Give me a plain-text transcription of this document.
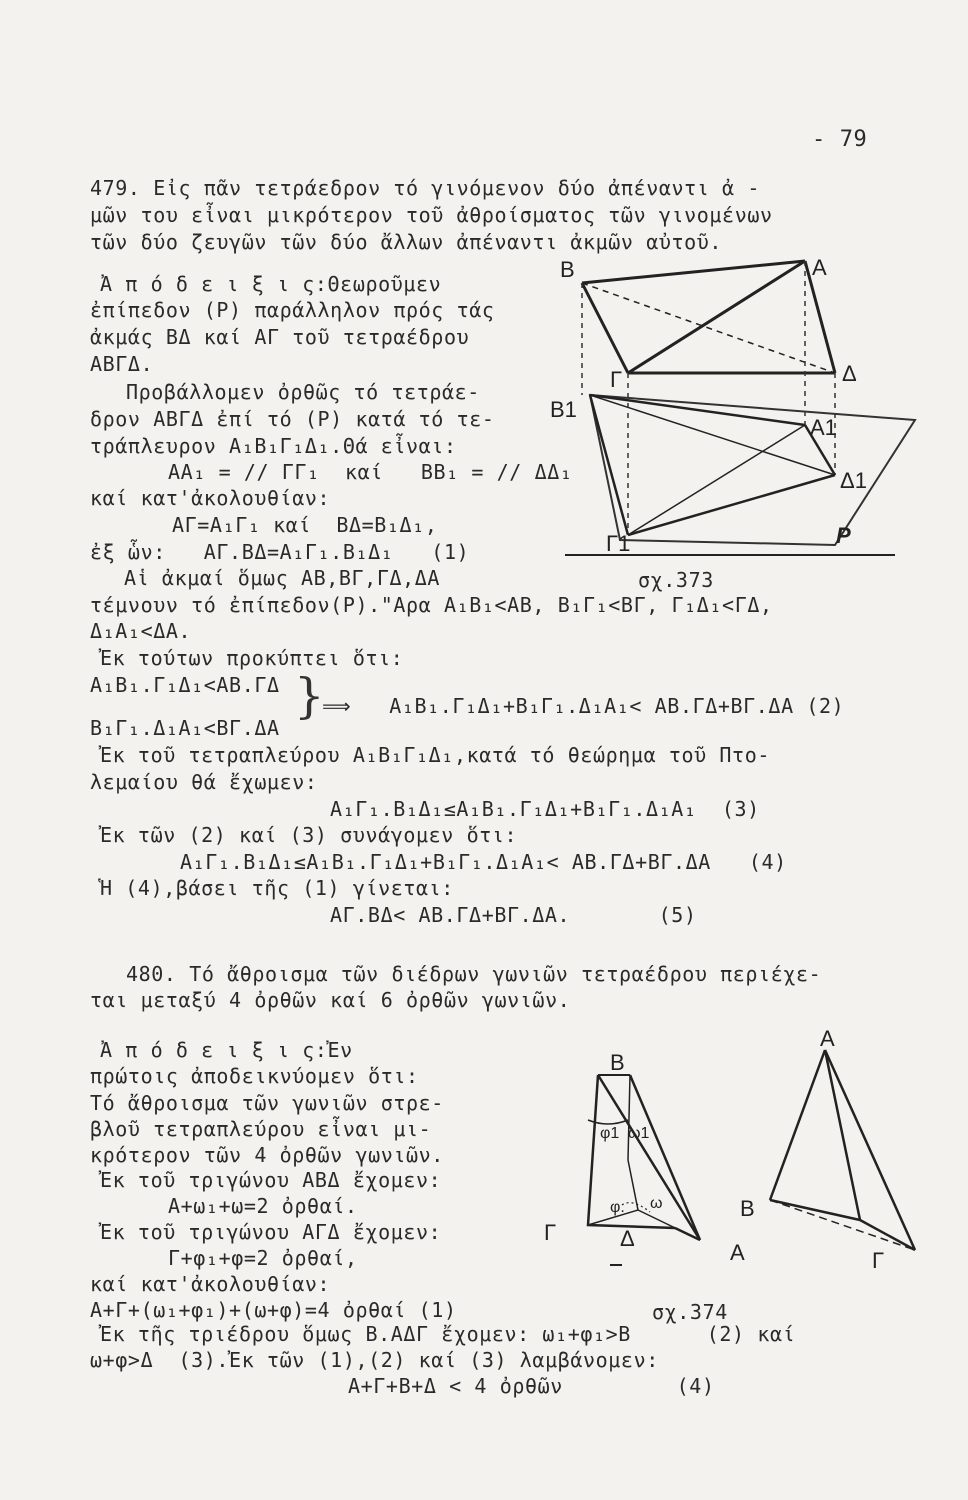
- 79
479. Εἰς πᾶν τετράεδρον τό γινόμενον δύο ἀπέναντι ἀ -
μῶν του εἶναι μικρότερον τοῦ ἀθροίσματος τῶν γινομένων
τῶν δύο ζευγῶν τῶν δύο ἄλλων ἀπέναντι ἀκμῶν αὐτοῦ.
Ἀ π ό δ ε ι ξ ι ς:Θεωροῦμεν
ἐπίπεδον (P) παράλληλον πρός τάς
ἀκμάς ΒΔ καί ΑΓ τοῦ τετραέδρου
ΑΒΓΔ.
Προβάλλομεν ὀρθῶς τό τετράε-
δρον ΑΒΓΔ ἐπί τό (P) κατά τό τε-
τράπλευρον Α₁Β₁Γ₁Δ₁.Θά εἶναι:
ΑΑ₁ = // ΓΓ₁  καί   ΒΒ₁ = // ΔΔ₁
καί κατ'ἀκολουθίαν:
ΑΓ=Α₁Γ₁ καί  ΒΔ=Β₁Δ₁,
ἐξ ὧν:   ΑΓ.ΒΔ=Α₁Γ₁.Β₁Δ₁   (1)
Αἱ ἀκμαί ὅμως ΑΒ,ΒΓ,ΓΔ,ΔΑ
B	A
Γ	Δ
B1
A1
Δ1
Γ1	P
σχ.373
τέμνουν τό ἐπίπεδον(P)."Αρα Α₁Β₁<ΑΒ, Β₁Γ₁<ΒΓ, Γ₁Δ₁<ΓΔ,
Δ₁Α₁<ΔΑ.
Ἐκ τούτων προκύπτει ὅτι:
Α₁Β₁.Γ₁Δ₁<ΑΒ.ΓΔ
Β₁Γ₁.Δ₁Α₁<ΒΓ.ΔΑ
}
⟹   Α₁Β₁.Γ₁Δ₁+Β₁Γ₁.Δ₁Α₁< ΑΒ.ΓΔ+ΒΓ.ΔΑ (2)
Ἐκ τοῦ τετραπλεύρου Α₁Β₁Γ₁Δ₁,κατά τό θεώρημα τοῦ Πτο-
λεμαίου θά ἔχωμεν:
Α₁Γ₁.Β₁Δ₁≤Α₁Β₁.Γ₁Δ₁+Β₁Γ₁.Δ₁Α₁  (3)
Ἐκ τῶν (2) καί (3) συνάγομεν ὅτι:
Α₁Γ₁.Β₁Δ₁≤Α₁Β₁.Γ₁Δ₁+Β₁Γ₁.Δ₁Α₁< ΑΒ.ΓΔ+ΒΓ.ΔΑ   (4)
Ἡ (4),βάσει τῆς (1) γίνεται:
ΑΓ.ΒΔ< ΑΒ.ΓΔ+ΒΓ.ΔΑ.       (5)
480. Τό ἄθροισμα τῶν διέδρων γωνιῶν τετραέδρου περιέχε-
ται μεταξύ 4 ὀρθῶν καί 6 ὀρθῶν γωνιῶν.
Ἀ π ό δ ε ι ξ ι ς:Ἐν
πρώτοις ἀποδεικνύομεν ὅτι:
Τό ἄθροισμα τῶν γωνιῶν στρε-
βλοῦ τετραπλεύρου εἶναι μι-
κρότερον τῶν 4 ὀρθῶν γωνιῶν.
Ἐκ τοῦ τριγώνου ΑΒΔ ἔχομεν:
Α+ω₁+ω=2 ὀρθαί.
Ἐκ τοῦ τριγώνου ΑΓΔ ἔχομεν:
Γ+φ₁+φ=2 ὀρθαί,
καί κατ'ἀκολουθίαν:
Α+Γ+(ω₁+φ₁)+(ω+φ)=4 ὀρθαί (1)
B
A
φ1 ω1
φ. ω
Γ	Δ
A
B
Γ
σχ.374
Ἐκ τῆς τριέδρου ὅμως Β.ΑΔΓ ἔχομεν: ω₁+φ₁>Β      (2) καί
ω+φ>Δ  (3).Ἐκ τῶν (1),(2) καί (3) λαμβάνομεν:
Α+Γ+Β+Δ < 4 ὀρθῶν         (4)
